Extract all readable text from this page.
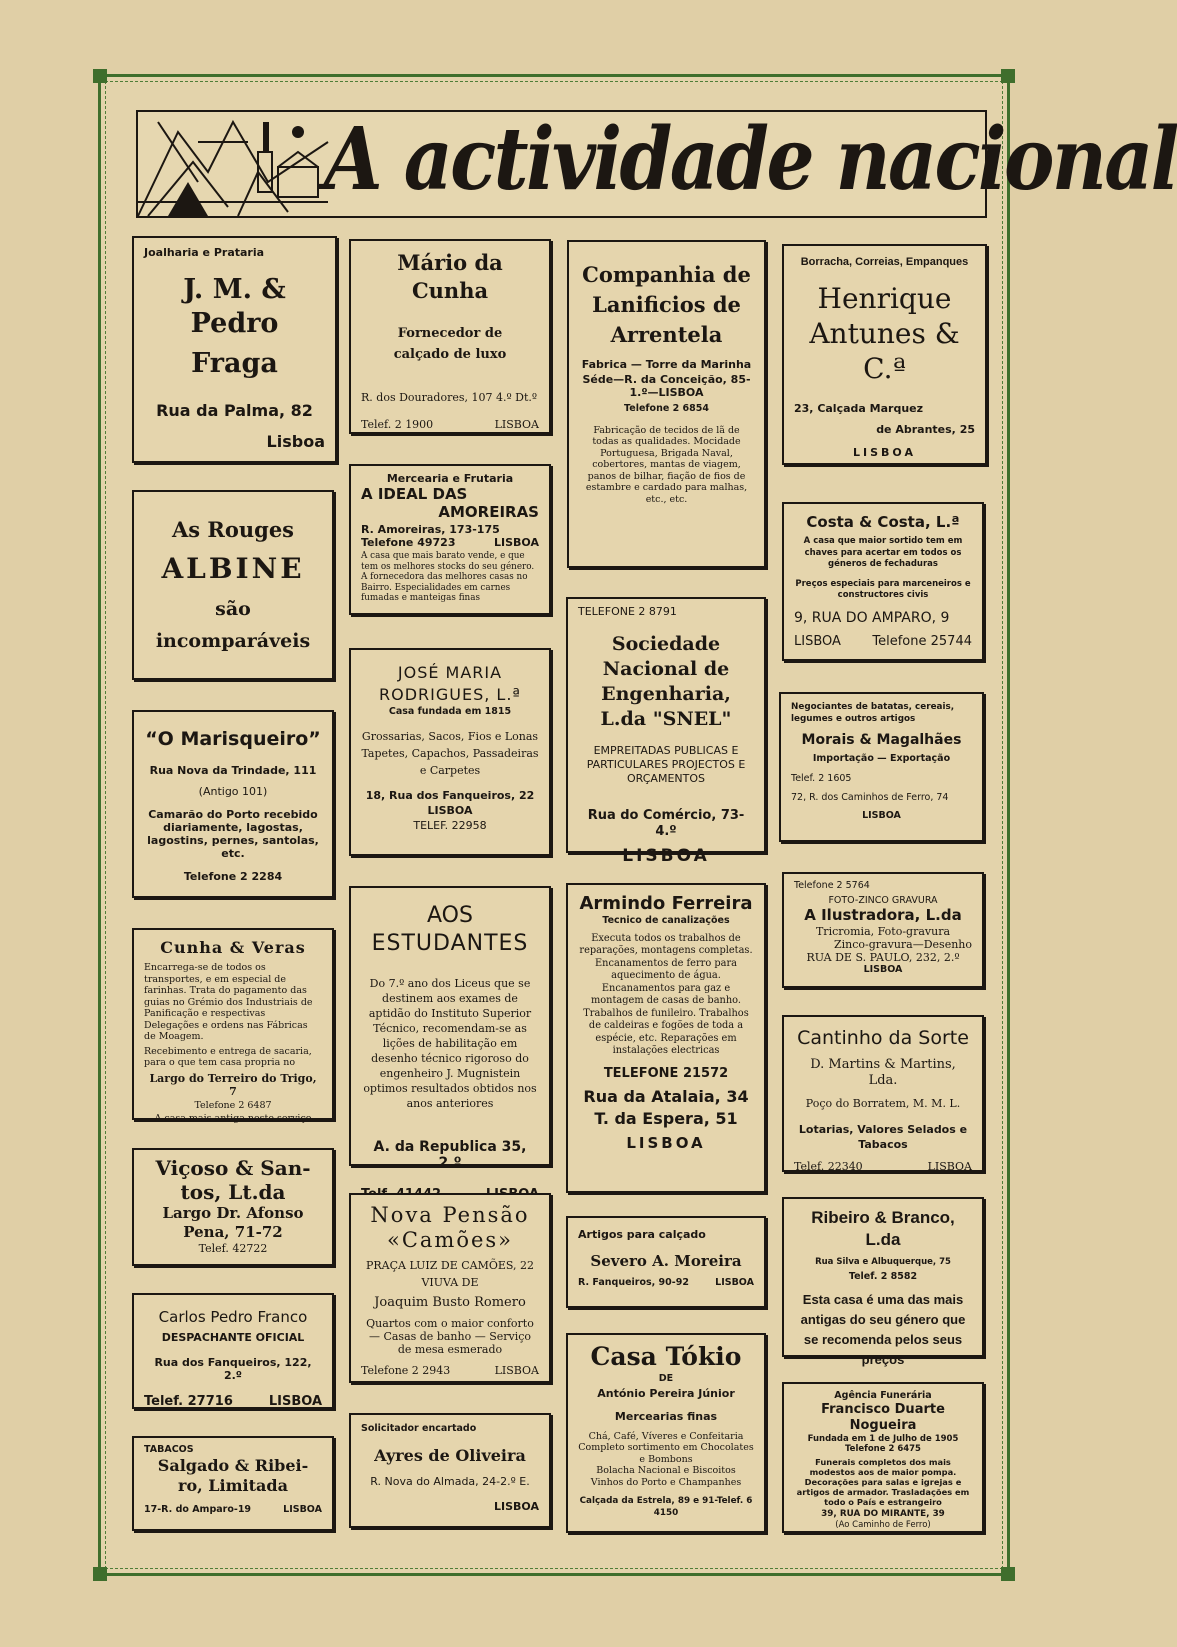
A actividade nacional

Joalharia e Prataria

J. M. & Pedro

Fraga

Rua da Palma, 82

Lisboa

As Rouges

ALBINE

são

incomparáveis

“O Marisqueiro”

Rua Nova da Trindade, 111

(Antigo 101)

Camarão do Porto recebido diariamente, lagostas, lagostins, pernes, santolas, etc.

Telefone 2 2284

Cunha & Veras

Encarrega-se de todos os transportes, e em especial de farinhas. Trata do pagamento das guias no Grémio dos Industriais de Panificação e respectivas Delegações e ordens nas Fábricas de Moagem.

Recebimento e entrega de sacaria, para o que tem casa propria no

Largo do Terreiro do Trigo, 7

Telefone 2 6487

A casa mais antiga neste serviço

Viçoso & San-

tos, Lt.da

Largo Dr. Afonso

Pena, 71-72

Telef. 42722

Carlos Pedro Franco

DESPACHANTE OFICIAL

Rua dos Fanqueiros, 122, 2.º

Telef. 27716	LISBOA

TABACOS

Salgado & Ribei-

ro, Limitada

17-R. do Amparo-19	LISBOA

Mário da Cunha

Fornecedor de calçado de luxo

R. dos Douradores, 107 4.º Dt.º

Telef. 2 1900	LISBOA

Mercearia e Frutaria

A IDEAL DAS

AMOREIRAS

R. Amoreiras, 173-175

Telefone 49723	LISBOA

A casa que mais barato vende, e que tem os melhores stocks do seu género. A fornecedora das melhores casas no Bairro. Especialidades em carnes fumadas e manteigas finas

JOSÉ MARIA

RODRIGUES, L.ª

Casa fundada em 1815

Grossarias, Sacos, Fios e Lonas Tapetes, Capachos, Passadeiras e Carpetes

18, Rua dos Fanqueiros, 22

LISBOA

TELEF. 22958

AOS

ESTUDANTES

Do 7.º ano dos Liceus que se destinem aos exames de aptidão do Instituto Superior Técnico, recomendam-se as lições de habilitação em desenho técnico rigoroso do engenheiro J. Mugnistein optimos resultados obtidos nos anos anteriores

A. da Republica 35, 2.º

Nova Pensão

«Camões»

PRAÇA LUIZ DE CAMÕES, 22

VIUVA DE

Joaquim Busto Romero

Quartos com o maior conforto — Casas de banho — Serviço de mesa esmerado

Telefone 2 2943	LISBOA

Solicitador encartado

Ayres de Oliveira

R. Nova do Almada, 24-2.º E.

LISBOA

Companhia de Lanificios de Arrentela

Fabrica — Torre da Marinha

Séde—R. da Conceição, 85-1.º—LISBOA

Telefone 2 6854

Fabricação de tecidos de lã de todas as qualidades. Mocidade Portuguesa, Brigada Naval, cobertores, mantas de viagem, panos de bilhar, fiação de fios de estambre e cardado para malhas, etc., etc.

TELEFONE 2 8791

Sociedade Nacional de Engenharia, L.da "SNEL"

EMPREITADAS PUBLICAS E PARTICULARES PROJECTOS E ORÇAMENTOS

Rua do Comércio, 73-4.º

LISBOA

Armindo Ferreira

Tecnico de canalizações

Executa todos os trabalhos de reparações, montagens completas. Encanamentos de ferro para aquecimento de água. Encanamentos para gaz e montagem de casas de banho. Trabalhos de funileiro. Trabalhos de caldeiras e fogões de toda a espécie, etc. Reparações em instalações electricas

TELEFONE 21572

Rua da Atalaia, 34

T. da Espera, 51

LISBOA

Artigos para calçado

Severo A. Moreira

R. Fanqueiros, 90-92	LISBOA

Casa Tókio

DE

António Pereira Júnior

Mercearias finas

Chá, Café, Víveres e Confeitaria

Completo sortimento em Chocolates e Bombons

Bolacha Nacional e Biscoitos

Vinhos do Porto e Champanhes

Calçada da Estrela, 89 e 91-Telef. 6 4150

Borracha, Correias, Empanques

Henrique Antunes & C.ª

23, Calçada Marquez

de Abrantes, 25

LISBOA

Costa & Costa, L.ª

A casa que maior sortido tem em chaves para acertar em todos os géneros de fechaduras

Preços especiais para marceneiros e constructores civis

9, RUA DO AMPARO, 9

LISBOA Telefone 25744

Negociantes de batatas, cereais, legumes e outros artigos

Morais & Magalhães

Importação — Exportação

Telef. 2 1605

72, R. dos Caminhos de Ferro, 74

LISBOA

Telefone 2 5764

FOTO-ZINCO GRAVURA

A Ilustradora, L.da

Tricromia, Foto-gravura

Zinco-gravura—Desenho

RUA DE S. PAULO, 232, 2.º

LISBOA

Cantinho da Sorte

D. Martins & Martins, Lda.

Poço do Borratem, M. M. L.

Lotarias, Valores Selados e Tabacos

Telef. 22340	LISBOA

Ribeiro & Branco, L.da

Rua Silva e Albuquerque, 75

Telef. 2 8582

Esta casa é uma das mais antigas do seu género que se recomenda pelos seus preços

Agência Funerária

Francisco Duarte

Nogueira

Fundada em 1 de Julho de 1905

Telefone 2 6475

Funerais completos dos mais modestos aos de maior pompa. Decorações para salas e igrejas e artigos de armador. Trasladações em todo o País e estrangeiro

39, RUA DO MIRANTE, 39

(Ao Caminho de Ferro)
